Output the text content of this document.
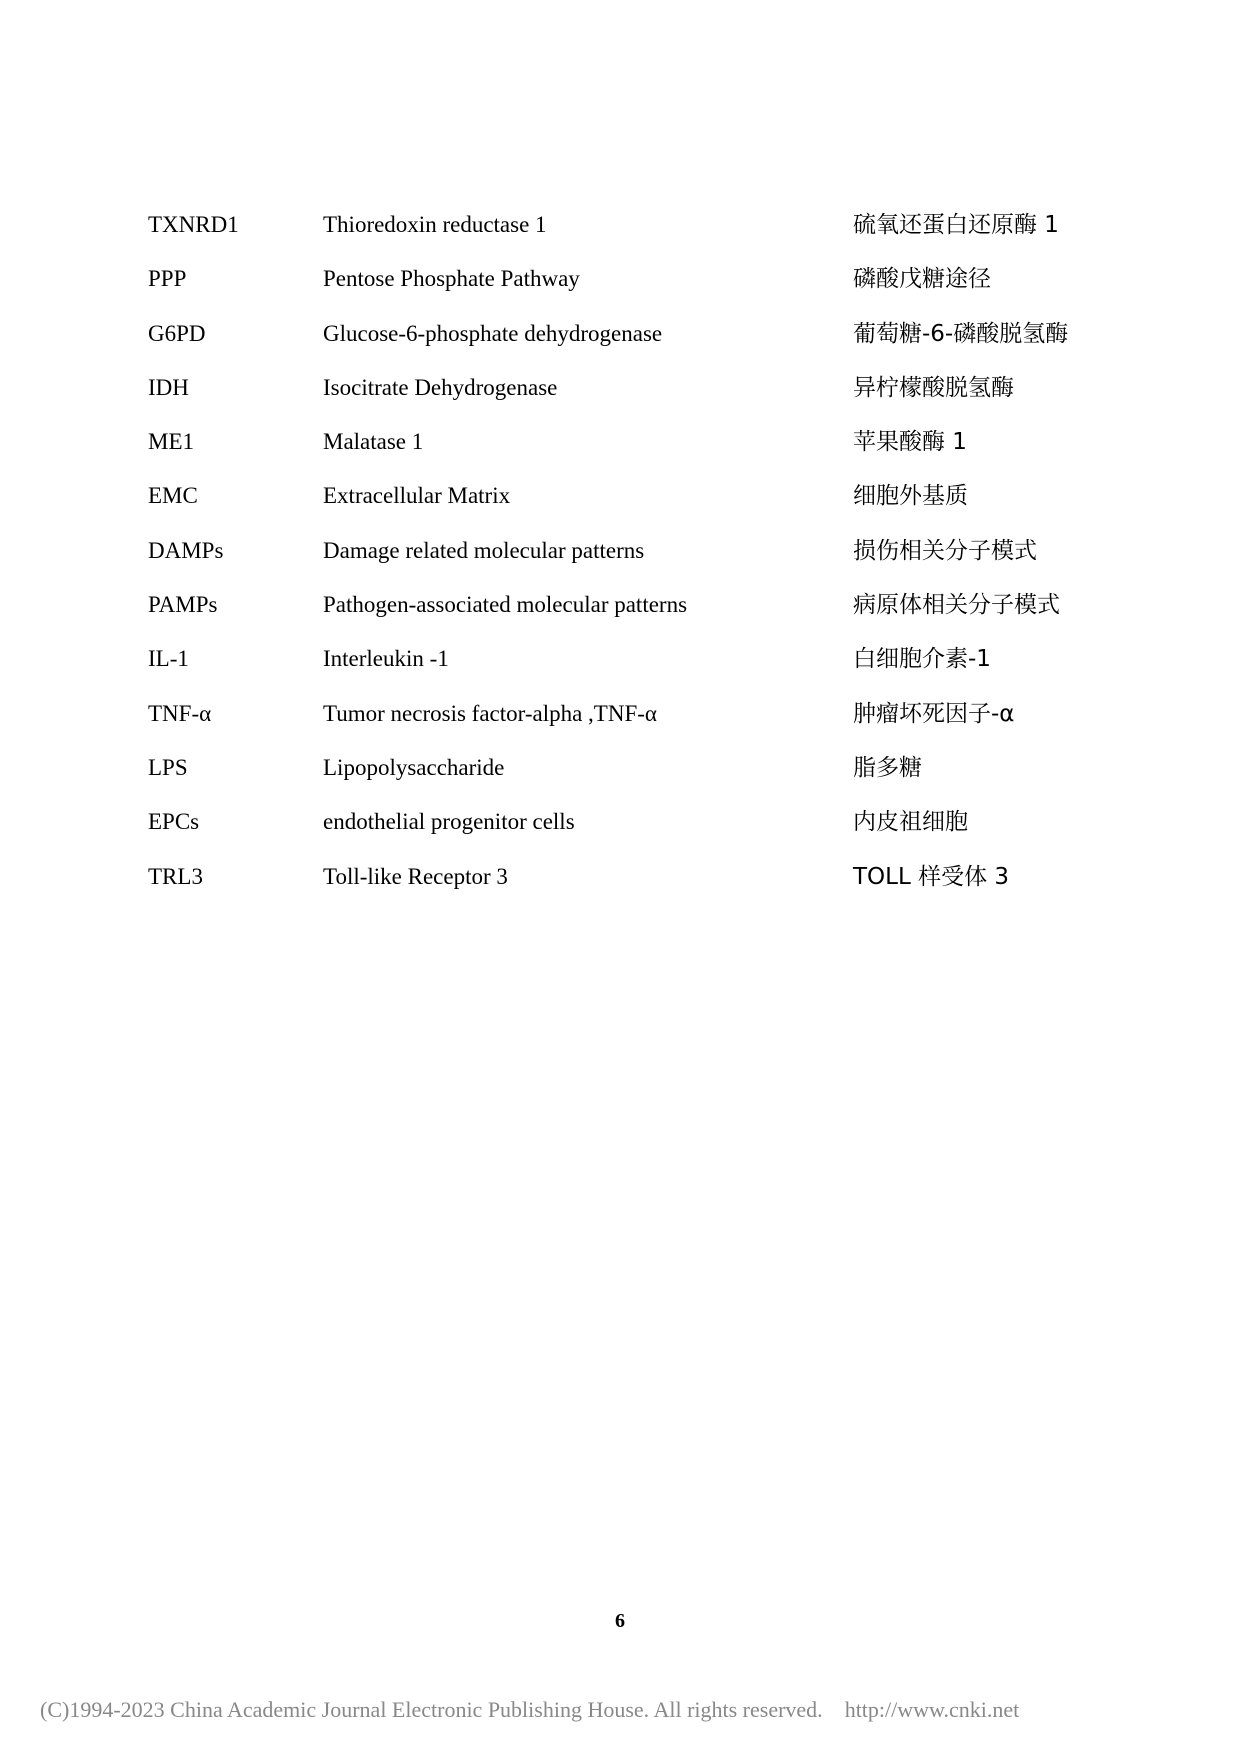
TXNRD1	Thioredoxin reductase 1	硫氧还蛋白还原酶 1
PPP	Pentose Phosphate Pathway	磷酸戊糖途径
G6PD	Glucose-6-phosphate dehydrogenase	葡萄糖-6-磷酸脱氢酶
IDH	Isocitrate Dehydrogenase	异柠檬酸脱氢酶
ME1	Malatase 1	苹果酸酶 1
EMC	Extracellular Matrix	细胞外基质
DAMPs	Damage related molecular patterns	损伤相关分子模式
PAMPs	Pathogen-associated molecular patterns	病原体相关分子模式
IL-1	Interleukin -1	白细胞介素-1
TNF-α	Tumor necrosis factor-alpha ,TNF-α	肿瘤坏死因子-α
LPS	Lipopolysaccharide	脂多糖
EPCs	endothelial progenitor cells	内皮祖细胞
TRL3	Toll-like Receptor 3	TOLL 样受体 3
6
(C)1994-2023 China Academic Journal Electronic Publishing House. All rights reserved. http://www.cnki.net
